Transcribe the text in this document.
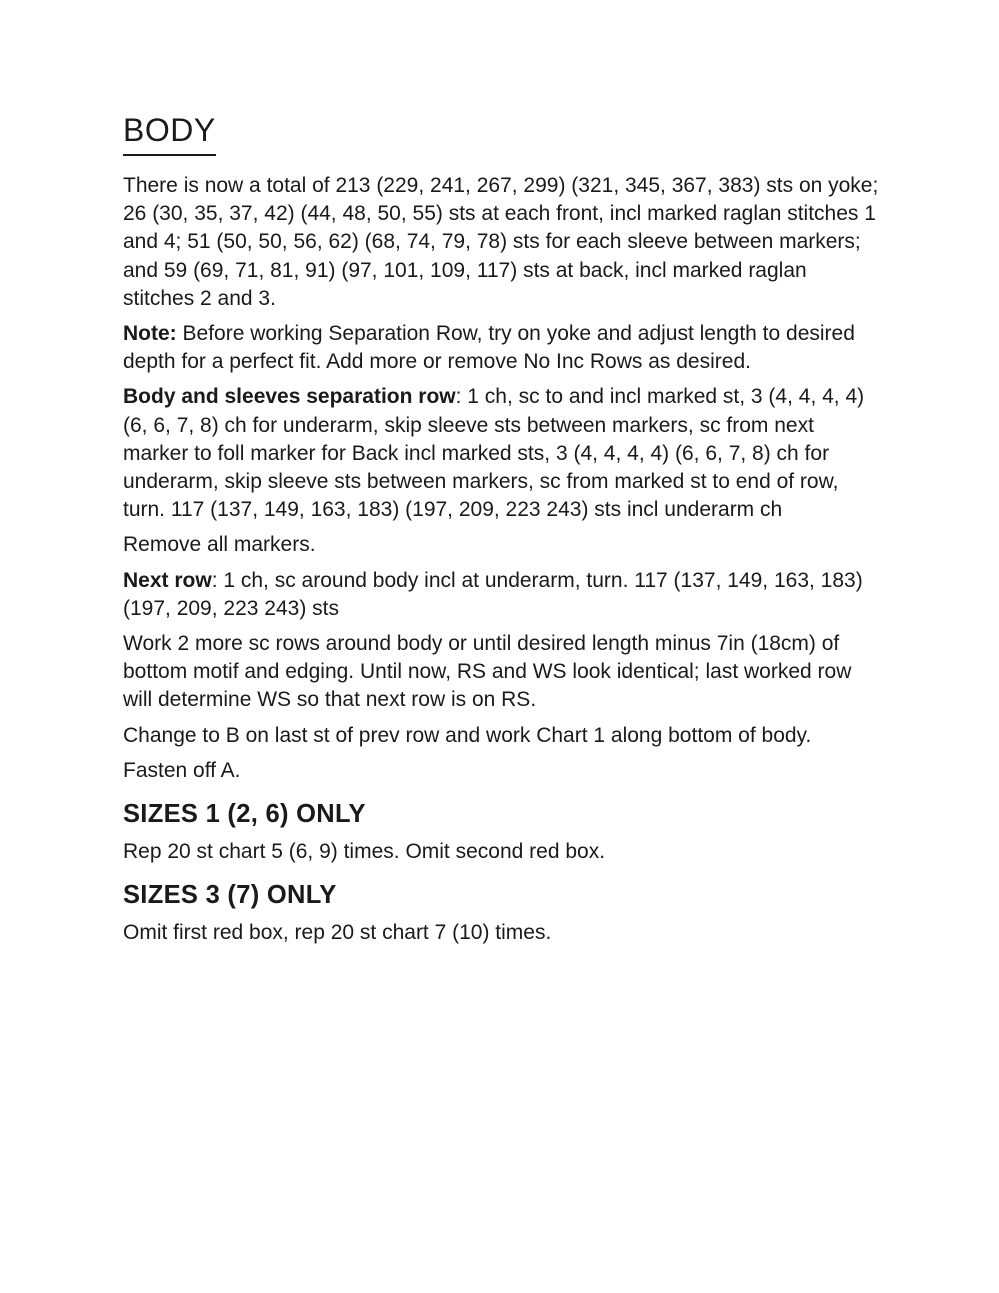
BODY

There is now a total of 213 (229, 241, 267, 299) (321, 345, 367, 383) sts on yoke; 26 (30, 35, 37, 42) (44, 48, 50, 55) sts at each front, incl marked raglan stitches 1 and 4; 51 (50, 50, 56, 62) (68, 74, 79, 78) sts for each sleeve between markers; and 59 (69, 71, 81, 91) (97, 101, 109, 117) sts at back, incl marked raglan stitches 2 and 3.

Note: Before working Separation Row, try on yoke and adjust length to desired depth for a perfect fit. Add more or remove No Inc Rows as desired.

Body and sleeves separation row: 1 ch, sc to and incl marked st, 3 (4, 4, 4, 4) (6, 6, 7, 8) ch for underarm, skip sleeve sts between markers, sc from next marker to foll marker for Back incl marked sts, 3 (4, 4, 4, 4) (6, 6, 7, 8) ch for underarm, skip sleeve sts between markers, sc from marked st to end of row, turn. 117 (137, 149, 163, 183) (197, 209, 223 243) sts incl underarm ch

Remove all markers.

Next row: 1 ch, sc around body incl at underarm, turn. 117 (137, 149, 163, 183) (197, 209, 223 243) sts

Work 2 more sc rows around body or until desired length minus 7in (18cm) of bottom motif and edging. Until now, RS and WS look identical; last worked row will determine WS so that next row is on RS.

Change to B on last st of prev row and work Chart 1 along bottom of body.

Fasten off A.

SIZES 1 (2, 6) ONLY

Rep 20 st chart 5 (6, 9) times. Omit second red box.

SIZES 3 (7) ONLY

Omit first red box, rep 20 st chart 7 (10) times.
